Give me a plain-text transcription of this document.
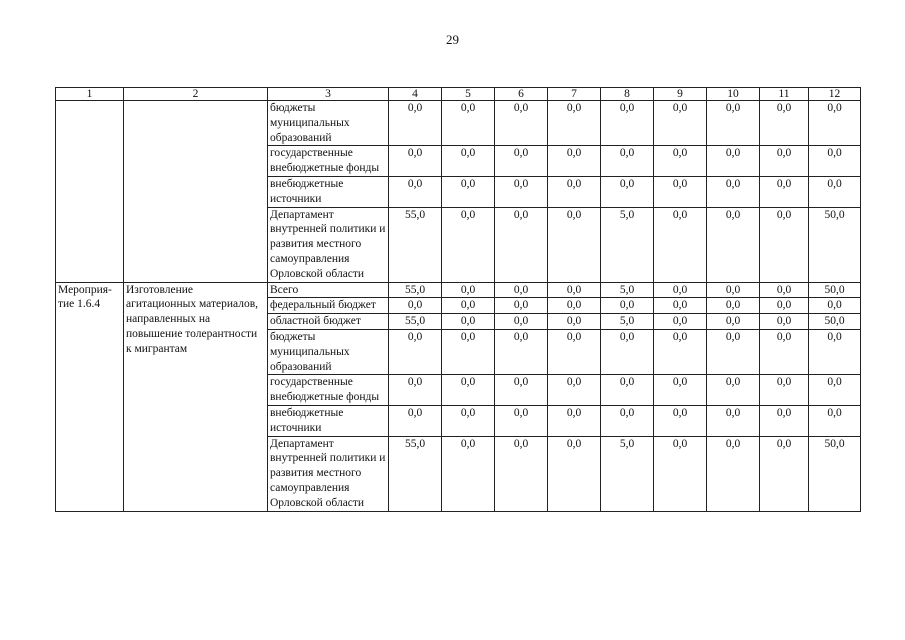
29
1	2	3	4	5	6	7	8	9	10	11	12
		бюджеты муниципальных образований	0,0	0,0	0,0	0,0	0,0	0,0	0,0	0,0	0,0
		государственные внебюджетные фонды	0,0	0,0	0,0	0,0	0,0	0,0	0,0	0,0	0,0
		внебюджетные источники	0,0	0,0	0,0	0,0	0,0	0,0	0,0	0,0	0,0
		Департамент внутренней политики и развития местного самоуправления Орловской области	55,0	0,0	0,0	0,0	5,0	0,0	0,0	0,0	50,0
Мероприя-тие 1.6.4	Изготовление агитационных материалов, направленных на повышение толерантности к мигрантам	Всего	55,0	0,0	0,0	0,0	5,0	0,0	0,0	0,0	50,0
		федеральный бюджет	0,0	0,0	0,0	0,0	0,0	0,0	0,0	0,0	0,0
		областной бюджет	55,0	0,0	0,0	0,0	5,0	0,0	0,0	0,0	50,0
		бюджеты муниципальных образований	0,0	0,0	0,0	0,0	0,0	0,0	0,0	0,0	0,0
		государственные внебюджетные фонды	0,0	0,0	0,0	0,0	0,0	0,0	0,0	0,0	0,0
		внебюджетные источники	0,0	0,0	0,0	0,0	0,0	0,0	0,0	0,0	0,0
		Департамент внутренней политики и развития местного самоуправления Орловской области	55,0	0,0	0,0	0,0	5,0	0,0	0,0	0,0	50,0
